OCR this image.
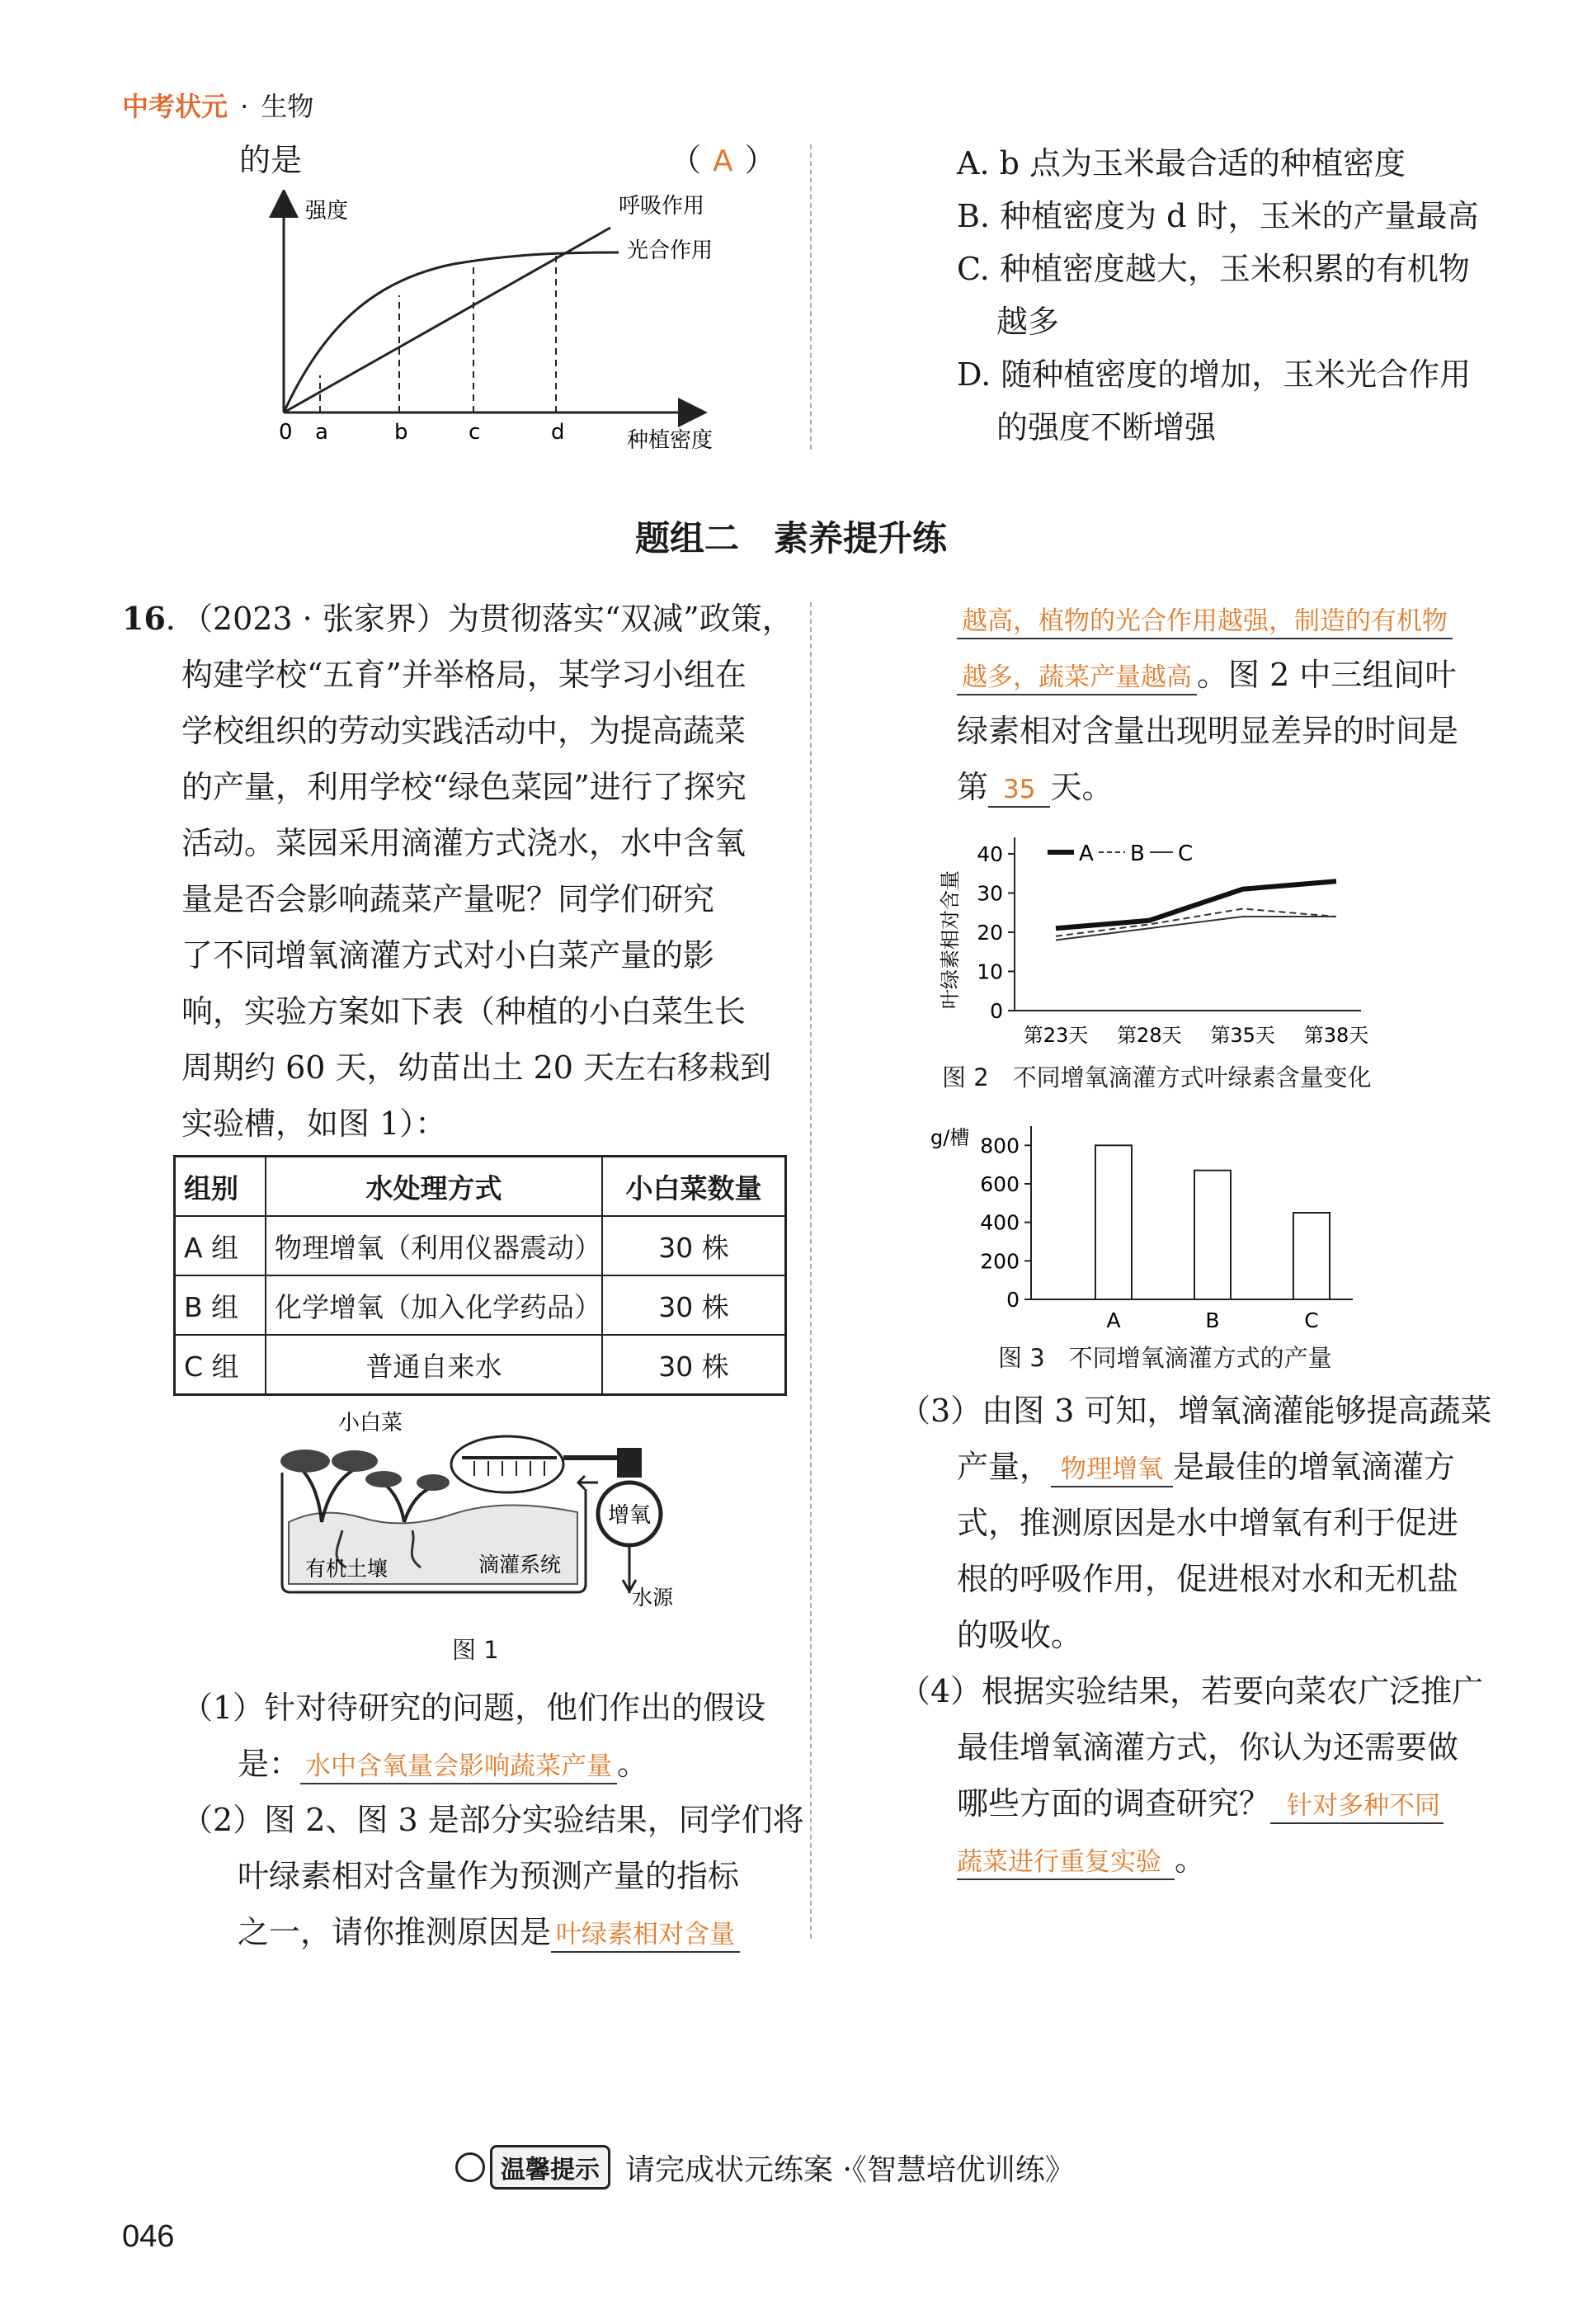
中考状元 · 生物
的是	（ A ）
强度
种植密度
0 a	b	c	d
呼吸作用
光合作用
A. b 点为玉米最合适的种植密度
B. 种植密度为 d 时，玉米的产量最高
C. 种植密度越大，玉米积累的有机物
越多
D. 随种植密度的增加，玉米光合作用
的强度不断增强
题组二　素养提升练
16．（2023 · 张家界）为贯彻落实“双减”政策，
构建学校“五育”并举格局，某学习小组在
学校组织的劳动实践活动中，为提高蔬菜
的产量，利用学校“绿色菜园”进行了探究
活动。菜园采用滴灌方式浇水，水中含氧
量是否会影响蔬菜产量呢？同学们研究
了不同增氧滴灌方式对小白菜产量的影
响，实验方案如下表（种植的小白菜生长
周期约 60 天，幼苗出土 20 天左右移栽到
实验槽，如图 1）：
组别	水处理方式	小白菜数量
A 组	物理增氧（利用仪器震动）	30 株
B 组	化学增氧（加入化学药品）	30 株
C 组	普通自来水	30 株
小白菜
有机土壤	滴灌系统
增氧
水源
图 1
（1）针对待研究的问题，他们作出的假设
是： 水中含氧量会影响蔬菜产量 。
（2）图 2、图 3 是部分实验结果，同学们将
叶绿素相对含量作为预测产量的指标
之一，请你推测原因是 叶绿素相对含量
越高，植物的光合作用越强，制造的有机物
越多，蔬菜产量越高 。图 2 中三组间叶
绿素相对含量出现明显差异的时间是
第 35 天。
叶绿素相对含量
0
10
20
30
40
第23天 第28天 第35天 第38天
A B C
图 2　不同增氧滴灌方式叶绿素含量变化
g/槽
0
200
400
600
800
A	B	C
图 3　不同增氧滴灌方式的产量
（3）由图 3 可知，增氧滴灌能够提高蔬菜
产量， 物理增氧 是最佳的增氧滴灌方
式，推测原因是水中增氧有利于促进
根的呼吸作用，促进根对水和无机盐
的吸收。
（4）根据实验结果，若要向菜农广泛推广
最佳增氧滴灌方式，你认为还需要做
哪些方面的调查研究？ 针对多种不同
蔬菜进行重复实验 。
温馨提示 请完成状元练案 ·《智慧培优训练》
046
